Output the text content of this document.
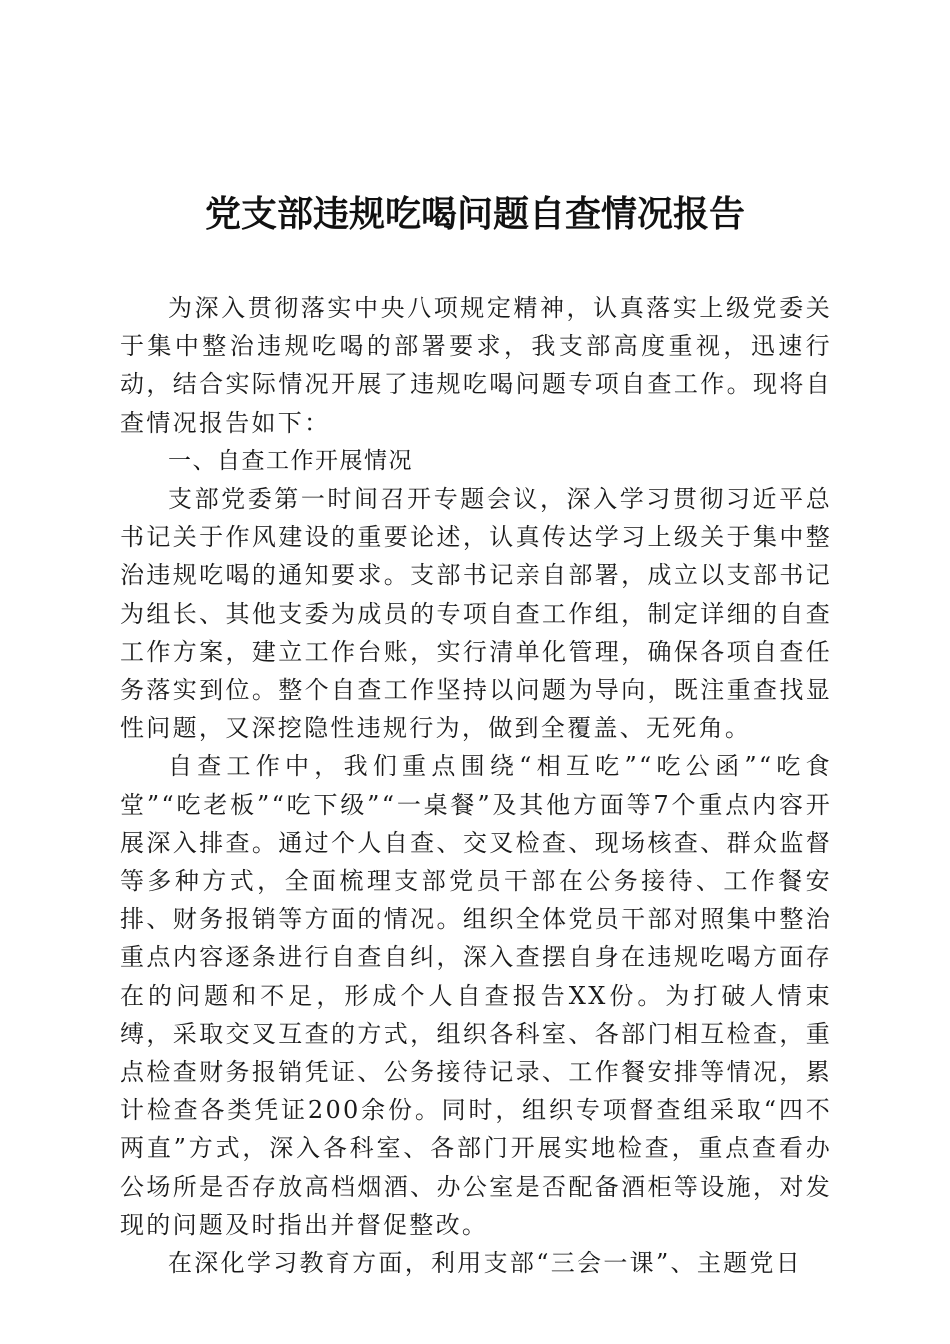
党支部违规吃喝问题自查情况报告

为深入贯彻落实中央八项规定精神，认真落实上级党委关于集中整治违规吃喝的部署要求，我支部高度重视，迅速行动，结合实际情况开展了违规吃喝问题专项自查工作。现将自查情况报告如下：

一、自查工作开展情况

支部党委第一时间召开专题会议，深入学习贯彻习近平总书记关于作风建设的重要论述，认真传达学习上级关于集中整治违规吃喝的通知要求。支部书记亲自部署，成立以支部书记为组长、其他支委为成员的专项自查工作组，制定详细的自查工作方案，建立工作台账，实行清单化管理，确保各项自查任务落实到位。整个自查工作坚持以问题为导向，既注重查找显性问题，又深挖隐性违规行为，做到全覆盖、无死角。

自查工作中，我们重点围绕“相互吃”“吃公函”“吃食堂”“吃老板”“吃下级”“一桌餐”及其他方面等7个重点内容开展深入排查。通过个人自查、交叉检查、现场核查、群众监督等多种方式，全面梳理支部党员干部在公务接待、工作餐安排、财务报销等方面的情况。组织全体党员干部对照集中整治重点内容逐条进行自查自纠，深入查摆自身在违规吃喝方面存在的问题和不足，形成个人自查报告XX份。为打破人情束缚，采取交叉互查的方式，组织各科室、各部门相互检查，重点检查财务报销凭证、公务接待记录、工作餐安排等情况，累计检查各类凭证200余份。同时，组织专项督查组采取“四不两直”方式，深入各科室、各部门开展实地检查，重点查看办公场所是否存放高档烟酒、办公室是否配备酒柜等设施，对发现的问题及时指出并督促整改。

在深化学习教育方面，利用支部“三会一课”、主题党日
